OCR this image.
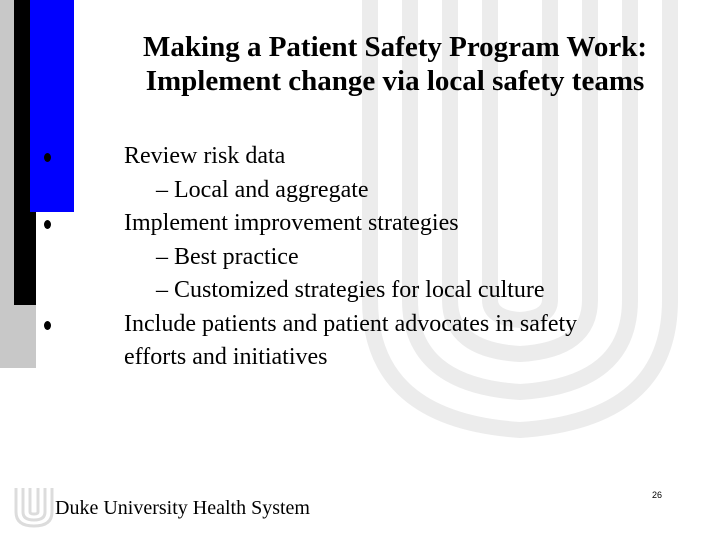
Making a Patient Safety Program Work:
Implement change via local safety teams
Review risk data
– Local and aggregate
Implement improvement strategies
– Best practice
– Customized strategies for local culture
Include patients and patient advocates in safety
efforts and initiatives
Duke University Health System
26
